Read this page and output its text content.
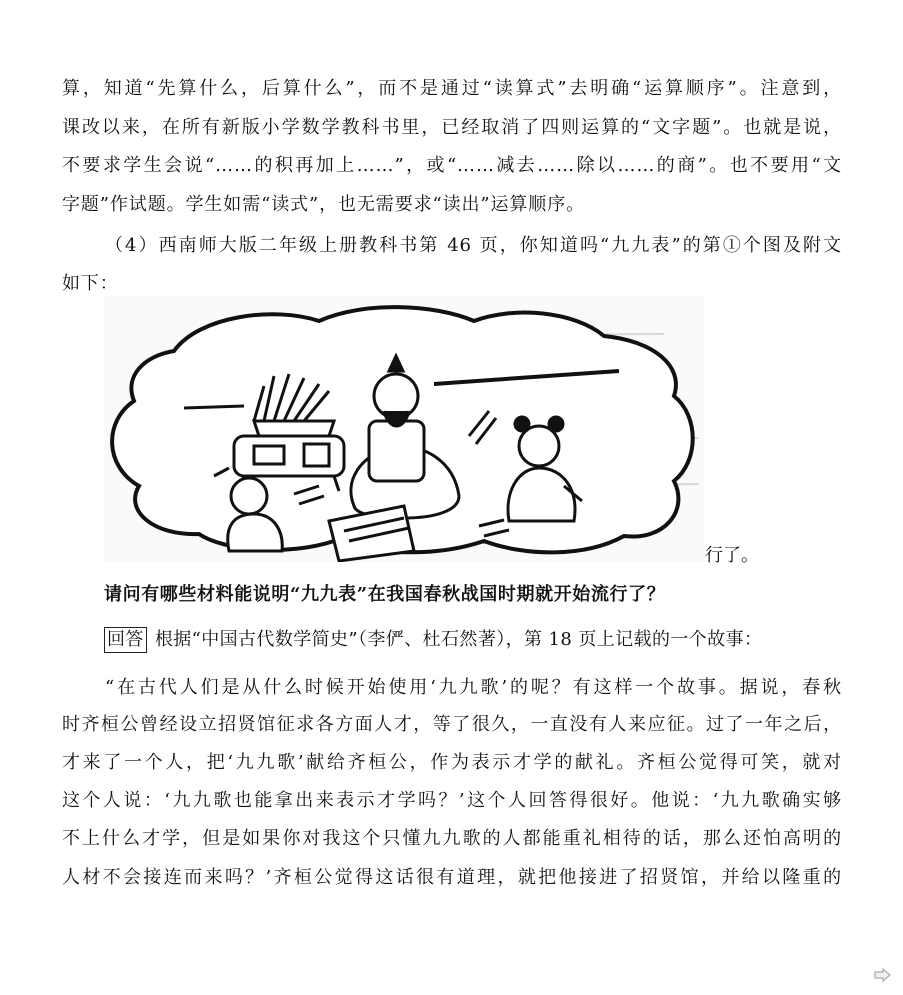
算，知道“先算什么，后算什么”，而不是通过“读算式”去明确“运算顺序”。注意到，
课改以来，在所有新版小学数学教科书里，已经取消了四则运算的“文字题”。也就是说，
不要求学生会说“……的积再加上……”，或“……减去……除以……的商”。也不要用“文
字题”作试题。学生如需“读式”，也无需要求“读出”运算顺序。
（4）西南师大版二年级上册教科书第 46 页，你知道吗“九九表”的第①个图及附文
如下：
行了。
请问有哪些材料能说明“九九表”在我国春秋战国时期就开始流行了？
回答 根据“中国古代数学简史”（李俨、杜石然著），第 18 页上记载的一个故事：
“在古代人们是从什么时候开始使用‘九九歌’的呢？有这样一个故事。据说，春秋
时齐桓公曾经设立招贤馆征求各方面人才，等了很久，一直没有人来应征。过了一年之后，
才来了一个人，把‘九九歌’献给齐桓公，作为表示才学的献礼。齐桓公觉得可笑，就对
这个人说：‘九九歌也能拿出来表示才学吗？’这个人回答得很好。他说：‘九九歌确实够
不上什么才学，但是如果你对我这个只懂九九歌的人都能重礼相待的话，那么还怕高明的
人材不会接连而来吗？’齐桓公觉得这话很有道理，就把他接进了招贤馆，并给以隆重的
